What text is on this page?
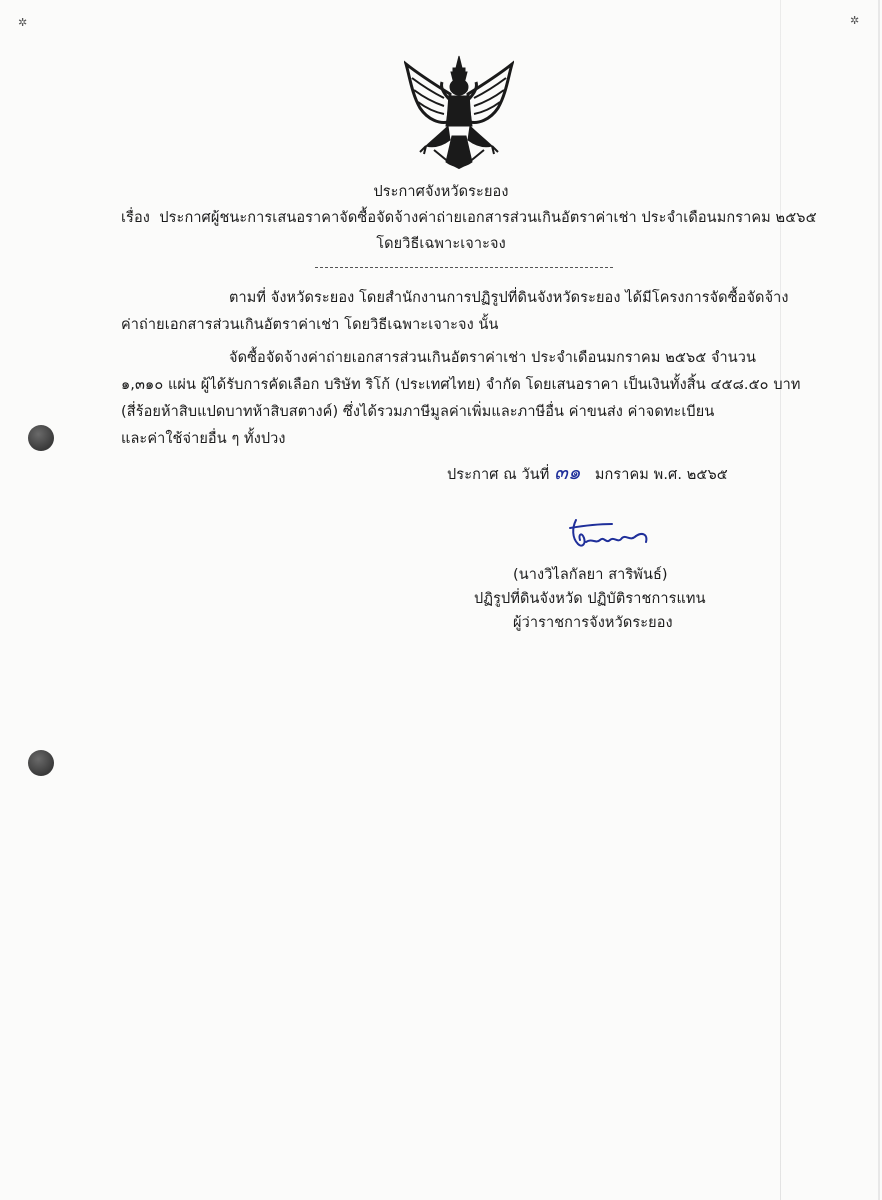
✲	✲
ประกาศจังหวัดระยอง
เรื่อง ประกาศผู้ชนะการเสนอราคาจัดซื้อจัดจ้างค่าถ่ายเอกสารส่วนเกินอัตราค่าเช่า ประจำเดือนมกราคม ๒๕๖๕
โดยวิธีเฉพาะเจาะจง
ตามที่ จังหวัดระยอง โดยสำนักงานการปฏิรูปที่ดินจังหวัดระยอง ได้มีโครงการจัดซื้อจัดจ้าง
ค่าถ่ายเอกสารส่วนเกินอัตราค่าเช่า โดยวิธีเฉพาะเจาะจง นั้น
จัดซื้อจัดจ้างค่าถ่ายเอกสารส่วนเกินอัตราค่าเช่า ประจำเดือนมกราคม ๒๕๖๕ จำนวน
๑,๓๑๐ แผ่น ผู้ได้รับการคัดเลือก บริษัท ริโก้ (ประเทศไทย) จำกัด โดยเสนอราคา เป็นเงินทั้งสิ้น ๔๕๘.๕๐ บาท
(สี่ร้อยห้าสิบแปดบาทห้าสิบสตางค์) ซึ่งได้รวมภาษีมูลค่าเพิ่มและภาษีอื่น ค่าขนส่ง ค่าจดทะเบียน
และค่าใช้จ่ายอื่น ๆ ทั้งปวง
ประกาศ ณ วันที่ ๓๑ มกราคม พ.ศ. ๒๕๖๕
(นางวิไลกัลยา สาริพันธ์)
ปฏิรูปที่ดินจังหวัด ปฏิบัติราชการแทน
ผู้ว่าราชการจังหวัดระยอง
